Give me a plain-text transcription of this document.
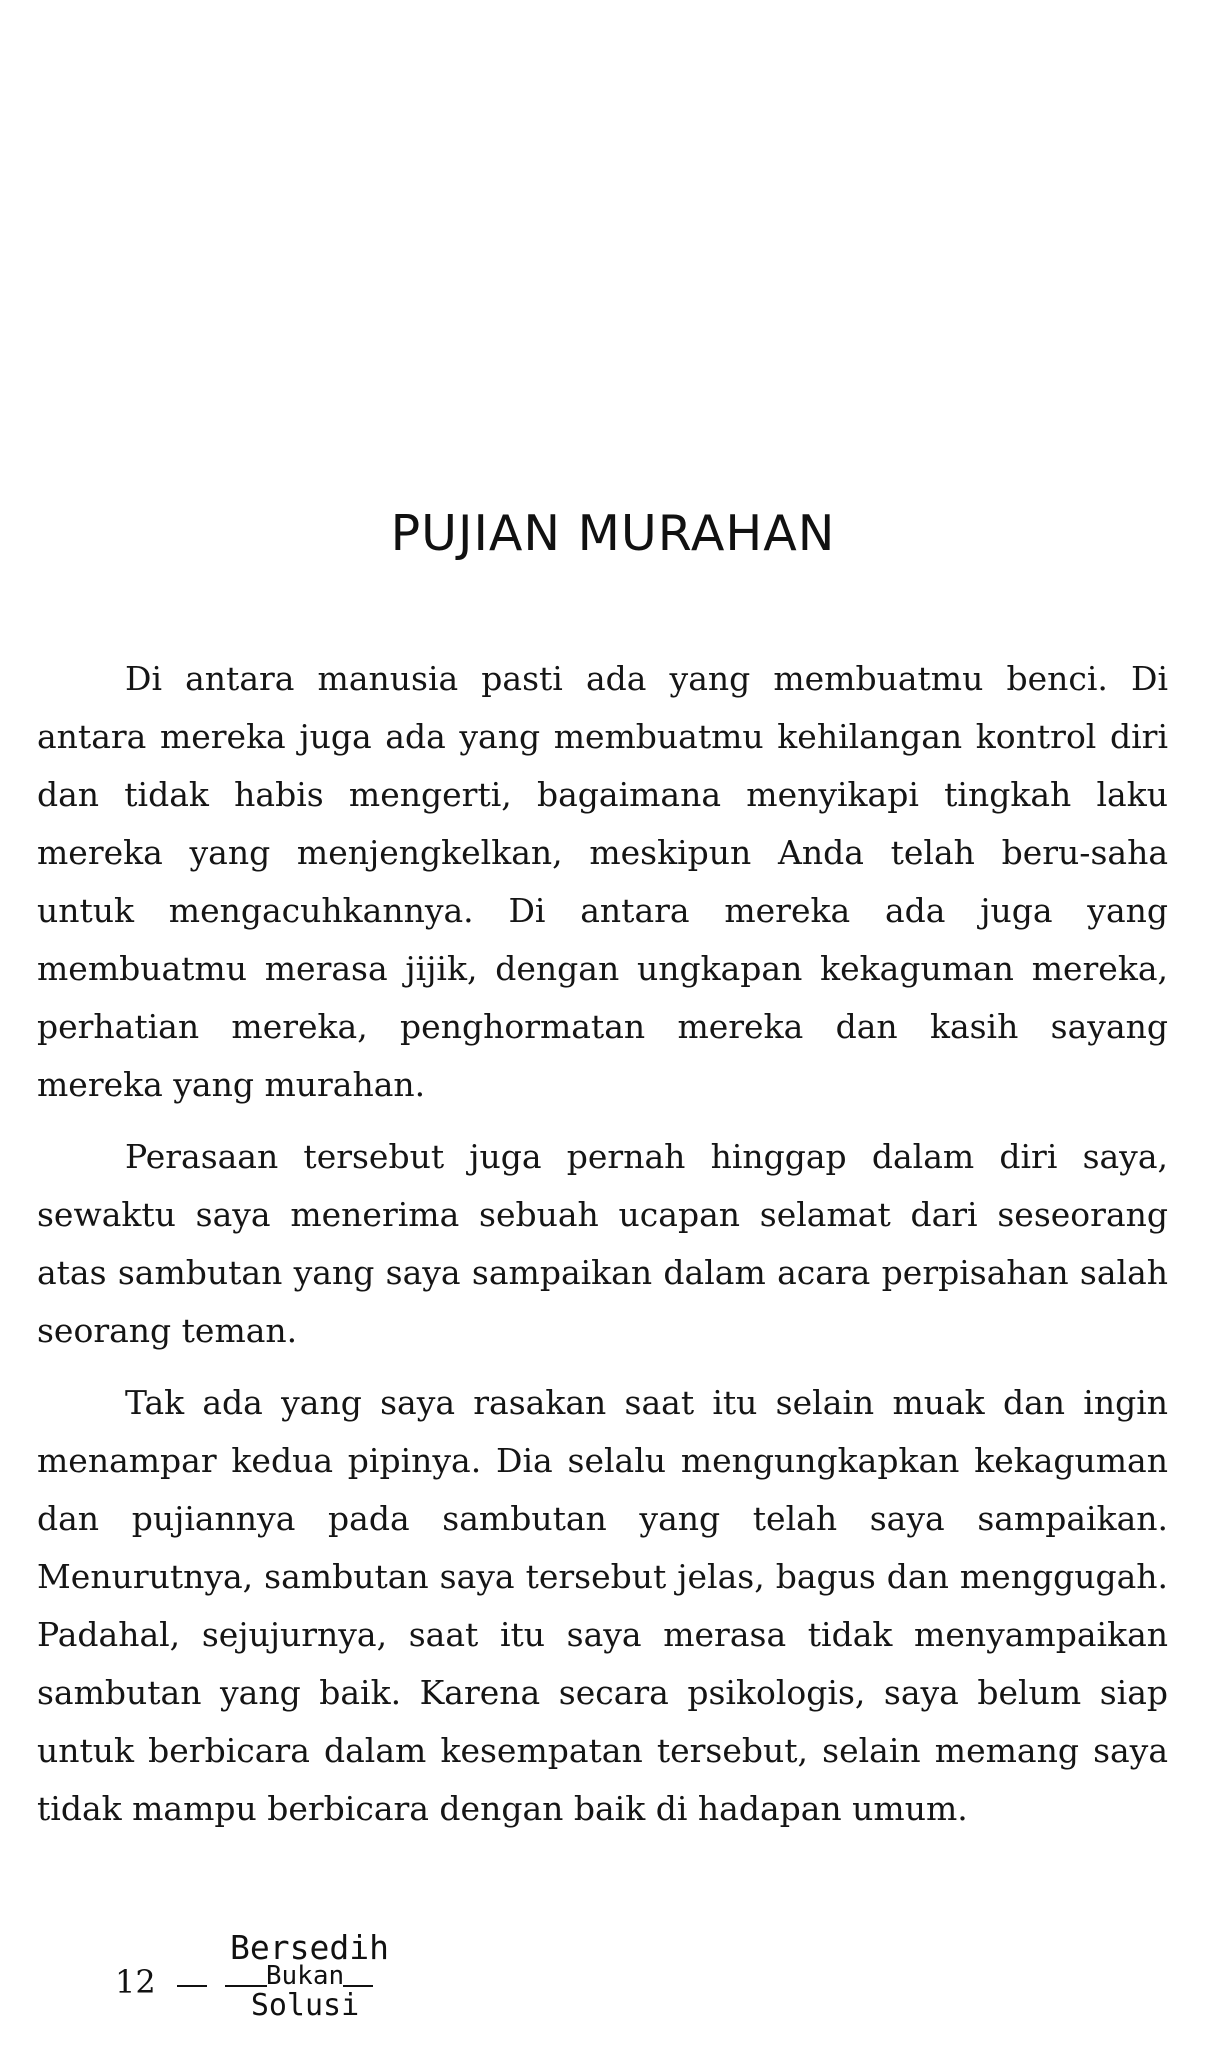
PUJIAN MURAHAN

Di antara manusia pasti ada yang membuatmu benci. Di antara mereka juga ada yang membuatmu kehilangan kontrol diri dan tidak habis mengerti, bagaimana menyikapi tingkah laku mereka yang menjengkelkan, meskipun Anda telah beru-saha untuk mengacuhkannya. Di antara mereka ada juga yang membuatmu merasa jijik, dengan ungkapan kekaguman mereka, perhatian mereka, penghormatan mereka dan kasih sayang mereka yang murahan.

Perasaan tersebut juga pernah hinggap dalam diri saya, sewaktu saya menerima sebuah ucapan selamat dari seseorang atas sambutan yang saya sampaikan dalam acara perpisahan salah seorang teman.

Tak ada yang saya rasakan saat itu selain muak dan ingin menampar kedua pipinya. Dia selalu mengungkapkan kekaguman dan pujiannya pada sambutan yang telah saya sampaikan. Menurutnya, sambutan saya tersebut jelas, bagus dan menggugah. Padahal, sejujurnya, saat itu saya merasa tidak menyampaikan sambutan yang baik. Karena secara psikologis, saya belum siap untuk berbicara dalam kesempatan tersebut, selain memang saya tidak mampu berbicara dengan baik di hadapan umum.

12
Bersedih
Bukan
Solusi
